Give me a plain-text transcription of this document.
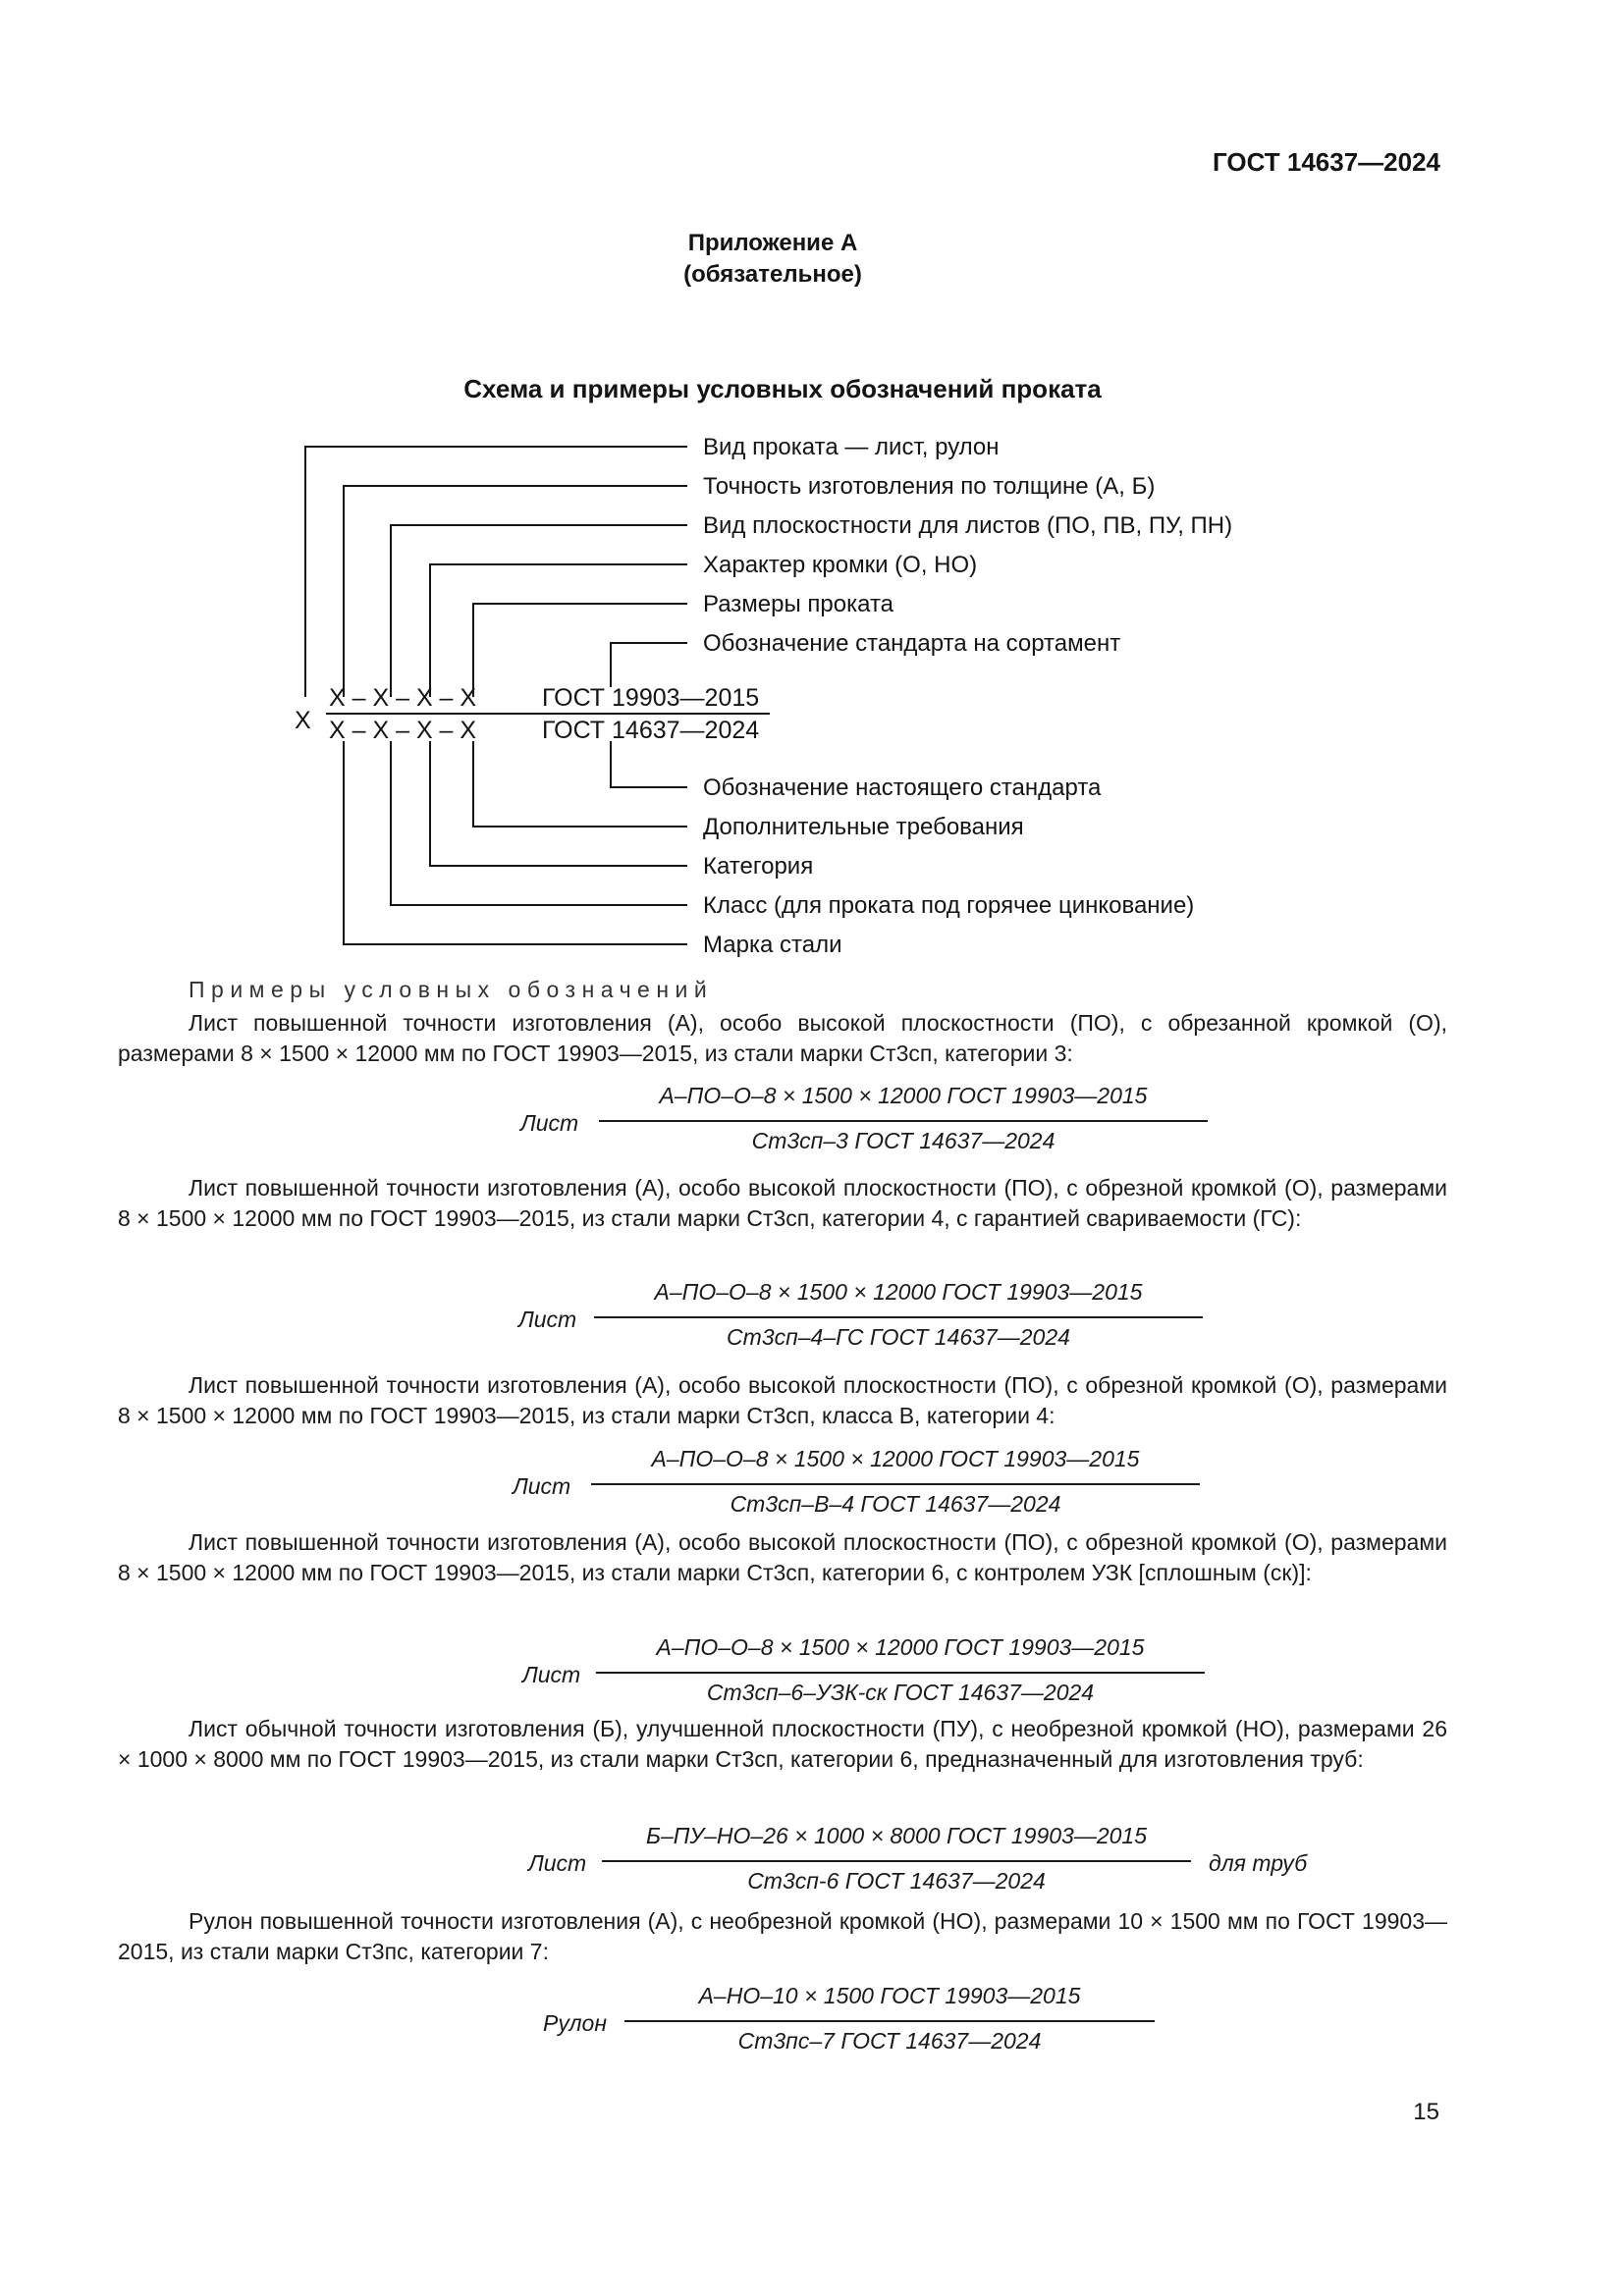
ГОСТ 14637—2024
Приложение А
(обязательное)
Схема и примеры условных обозначений проката
Вид проката — лист, рулон
Точность изготовления по толщине (А, Б)
Вид плоскостности для листов (ПО, ПВ, ПУ, ПН)
Характер кромки (О, НО)
Размеры проката
Обозначение стандарта на сортамент
Х
Х – Х – Х – Х
Х – Х – Х – Х
ГОСТ 19903—2015
ГОСТ 14637—2024
Обозначение настоящего стандарта
Дополнительные требования
Категория
Класс (для проката под горячее цинкование)
Марка стали
Примеры условных обозначений
Лист повышенной точности изготовления (А), особо высокой плоскостности (ПО), с обрезанной кромкой (О), размерами 8 × 1500 × 12000 мм по ГОСТ 19903—2015, из стали марки Ст3сп, категории 3:
Лист
А–ПО–О–8 × 1500 × 12000 ГОСТ 19903—2015
Ст3сп–3 ГОСТ 14637—2024
Лист повышенной точности изготовления (А), особо высокой плоскостности (ПО), с обрезной кромкой (О), размерами 8 × 1500 × 12000 мм по ГОСТ 19903—2015, из стали марки Ст3сп, категории 4, с гарантией свариваемости (ГС):
Лист
А–ПО–О–8 × 1500 × 12000 ГОСТ 19903—2015
Ст3сп–4–ГС ГОСТ 14637—2024
Лист повышенной точности изготовления (А), особо высокой плоскостности (ПО), с обрезной кромкой (О), размерами 8 × 1500 × 12000 мм по ГОСТ 19903—2015, из стали марки Ст3сп, класса В, категории 4:
Лист
А–ПО–О–8 × 1500 × 12000 ГОСТ 19903—2015
Ст3сп–В–4 ГОСТ 14637—2024
Лист повышенной точности изготовления (А), особо высокой плоскостности (ПО), с обрезной кромкой (О), размерами 8 × 1500 × 12000 мм по ГОСТ 19903—2015, из стали марки Ст3сп, категории 6, с контролем УЗК [сплошным (ск)]:
Лист
А–ПО–О–8 × 1500 × 12000 ГОСТ 19903—2015
Ст3сп–6–УЗК-ск ГОСТ 14637—2024
Лист обычной точности изготовления (Б), улучшенной плоскостности (ПУ), с необрезной кромкой (НО), размерами 26 × 1000 × 8000 мм по ГОСТ 19903—2015, из стали марки Ст3сп, категории 6, предназначенный для изготовления труб:
Лист
Б–ПУ–НО–26 × 1000 × 8000 ГОСТ 19903—2015
Ст3сп-6 ГОСТ 14637—2024
для труб
Рулон повышенной точности изготовления (А), с необрезной кромкой (НО), размерами 10 × 1500 мм по ГОСТ 19903—2015, из стали марки Ст3пс, категории 7:
Рулон
А–НО–10 × 1500 ГОСТ 19903—2015
Ст3пс–7 ГОСТ 14637—2024
15
